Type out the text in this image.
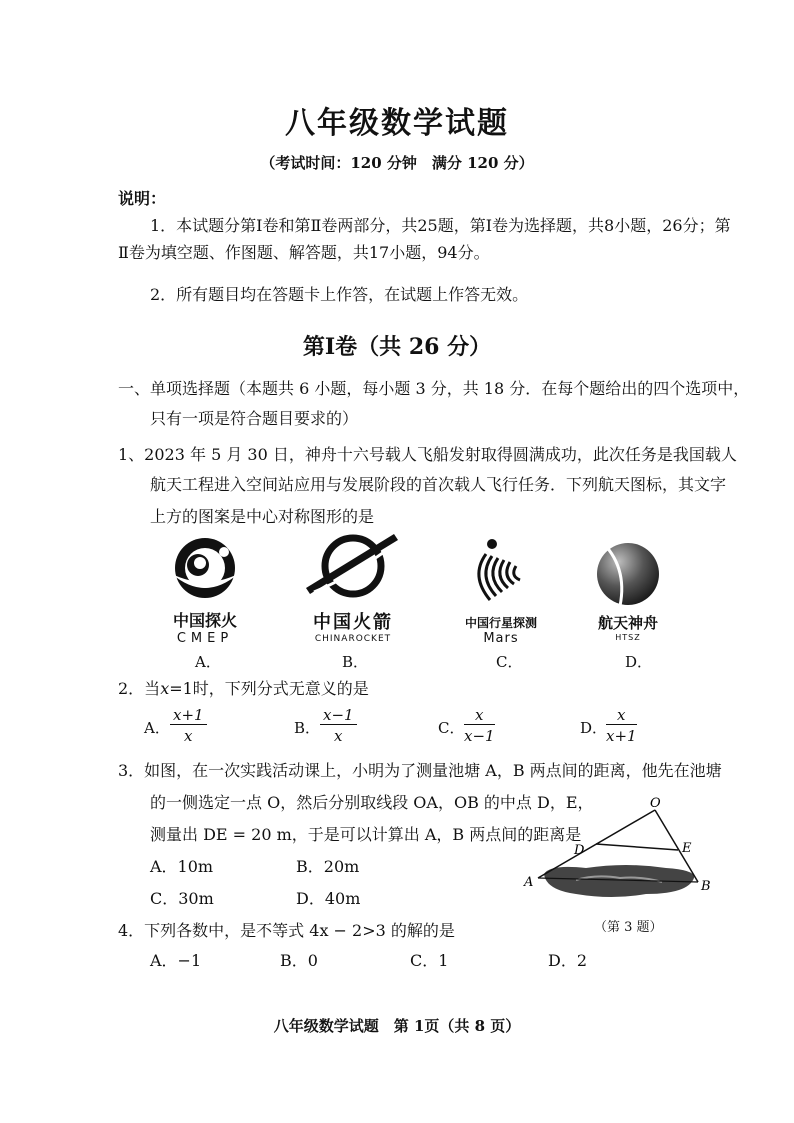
八年级数学试题
（考试时间：120 分钟　满分 120 分）
说明：
1．本试题分第Ⅰ卷和第Ⅱ卷两部分，共25题，第Ⅰ卷为选择题，共8小题，26分；第
Ⅱ卷为填空题、作图题、解答题，共17小题，94分。
2．所有题目均在答题卡上作答，在试题上作答无效。
第Ⅰ卷（共 26 分）
一、单项选择题（本题共 6 小题，每小题 3 分，共 18 分．在每个题给出的四个选项中，
只有一项是符合题目要求的）
1、2023 年 5 月 30 日，神舟十六号载人飞船发射取得圆满成功，此次任务是我国载人
航天工程进入空间站应用与发展阶段的首次载人飞行任务．下列航天图标，其文字
上方的图案是中心对称图形的是
中国探火
CMEP
A．
中国火箭
CHINAROCKET
B．
中国行星探测
Mars
C．
航天神舟
HTSZ
D．
2．当x=1时，下列分式无意义的是
A． $\frac{x+1}{x}$	B． $\frac{x-1}{x}$	C． $\frac{x}{x-1}$	D．
$\frac{x}{x+1}$
3．如图，在一次实践活动课上，小明为了测量池塘 A，B 两点间的距离，他先在池塘
的一侧选定一点 O，然后分别取线段 OA，OB 的中点 D，E，
测量出 DE = 20 m，于是可以计算出 A，B 两点间的距离是
A．10m	B．20m
C．30m	D．40m
O
D	E
A	B
（第 3 题）
4．下列各数中，是不等式 4x − 2>3 的解的是
A．−1	B．0	C．1	D．2
八年级数学试题　第 1页（共 8 页）
